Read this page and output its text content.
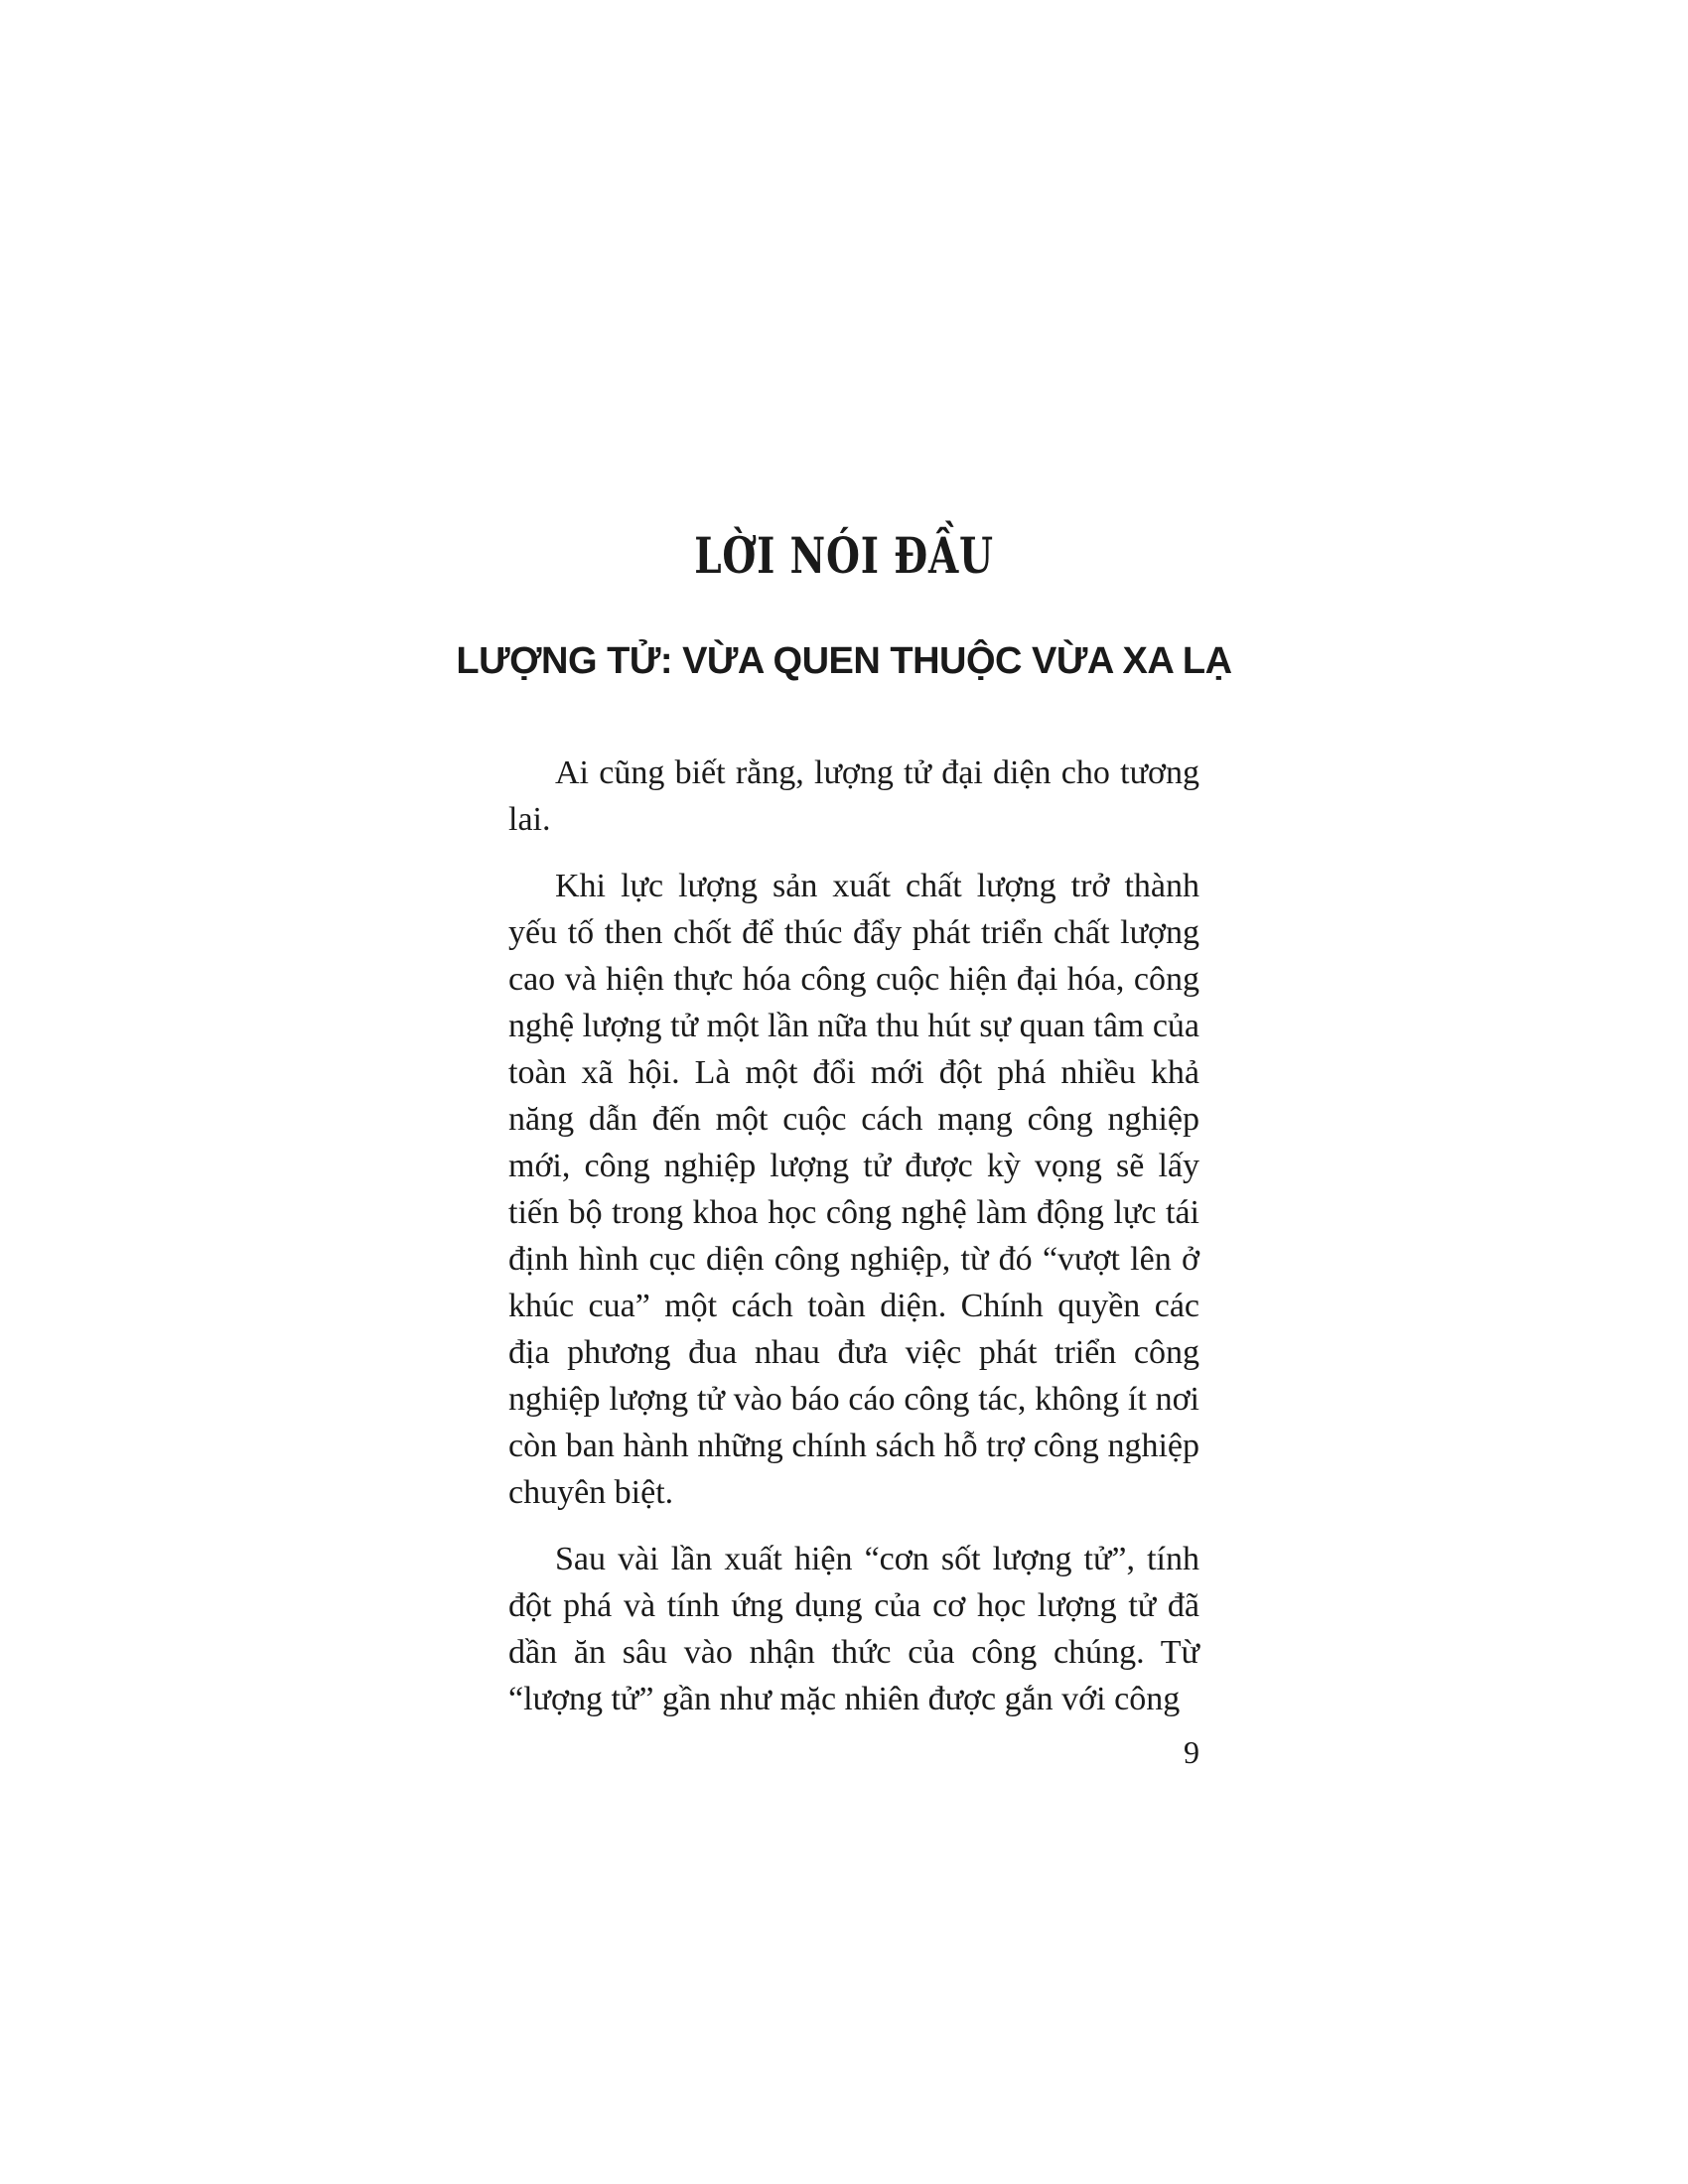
LỜI NÓI ĐẦU
LƯỢNG TỬ: VỪA QUEN THUỘC VỪA XA LẠ

Ai cũng biết rằng, lượng tử đại diện cho tương lai.

Khi lực lượng sản xuất chất lượng trở thành yếu tố then chốt để thúc đẩy phát triển chất lượng cao và hiện thực hóa công cuộc hiện đại hóa, công nghệ lượng tử một lần nữa thu hút sự quan tâm của toàn xã hội. Là một đổi mới đột phá nhiều khả năng dẫn đến một cuộc cách mạng công nghiệp mới, công nghiệp lượng tử được kỳ vọng sẽ lấy tiến bộ trong khoa học công nghệ làm động lực tái định hình cục diện công nghiệp, từ đó “vượt lên ở khúc cua” một cách toàn diện. Chính quyền các địa phương đua nhau đưa việc phát triển công nghiệp lượng tử vào báo cáo công tác, không ít nơi còn ban hành những chính sách hỗ trợ công nghiệp chuyên biệt.

Sau vài lần xuất hiện “cơn sốt lượng tử”, tính đột phá và tính ứng dụng của cơ học lượng tử đã dần ăn sâu vào nhận thức của công chúng. Từ “lượng tử” gần như mặc nhiên được gắn với công

9
